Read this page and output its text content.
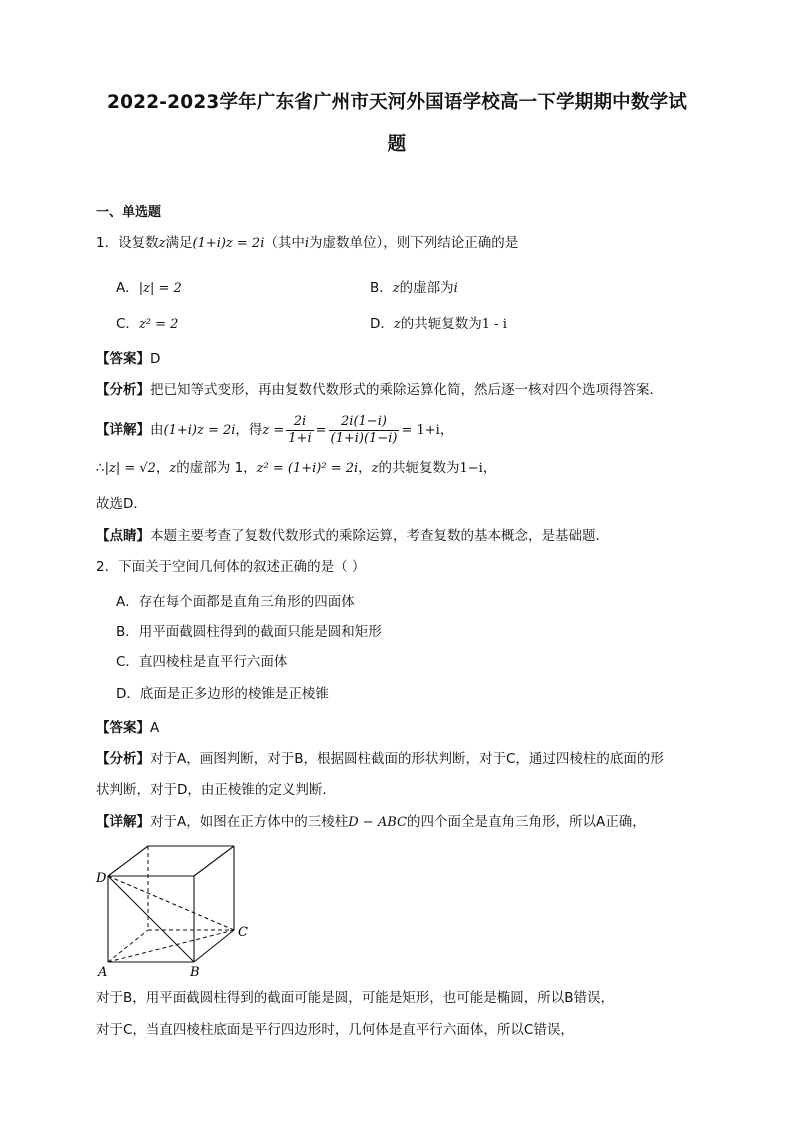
2022-2023学年广东省广州市天河外国语学校高一下学期期中数学试
题
一、单选题
1．设复数z满足(1+i)z = 2i（其中i为虚数单位），则下列结论正确的是
A．|z| = 2	B．z的虚部为i
C．z² = 2	D．z的共轭复数为1 - i
【答案】D
【分析】把已知等式变形，再由复数代数形式的乘除运算化简，然后逐一核对四个选项得答案．
【详解】由(1+i)z = 2i，得$z = \frac{2i}{1+i} = \frac{2i(1-i)}{(1+i)(1-i)} = 1+i$，
∴|z| = √2，z的虚部为 1，z² = (1+i)² = 2i，z的共轭复数为1−i，
故选D．
【点睛】本题主要考查了复数代数形式的乘除运算，考查复数的基本概念，是基础题．
2．下面关于空间几何体的叙述正确的是（ ）
A．存在每个面都是直角三角形的四面体
B．用平面截圆柱得到的截面只能是圆和矩形
C．直四棱柱是直平行六面体
D．底面是正多边形的棱锥是正棱锥
【答案】A
【分析】对于A，画图判断，对于B，根据圆柱截面的形状判断，对于C，通过四棱柱的底面的形
状判断，对于D，由正棱锥的定义判断.
【详解】对于A，如图在正方体中的三棱柱D − ABC的四个面全是直角三角形，所以A正确，
D
A	B
C
对于B，用平面截圆柱得到的截面可能是圆，可能是矩形，也可能是椭圆，所以B错误，
对于C，当直四棱柱底面是平行四边形时，几何体是直平行六面体，所以C错误，
